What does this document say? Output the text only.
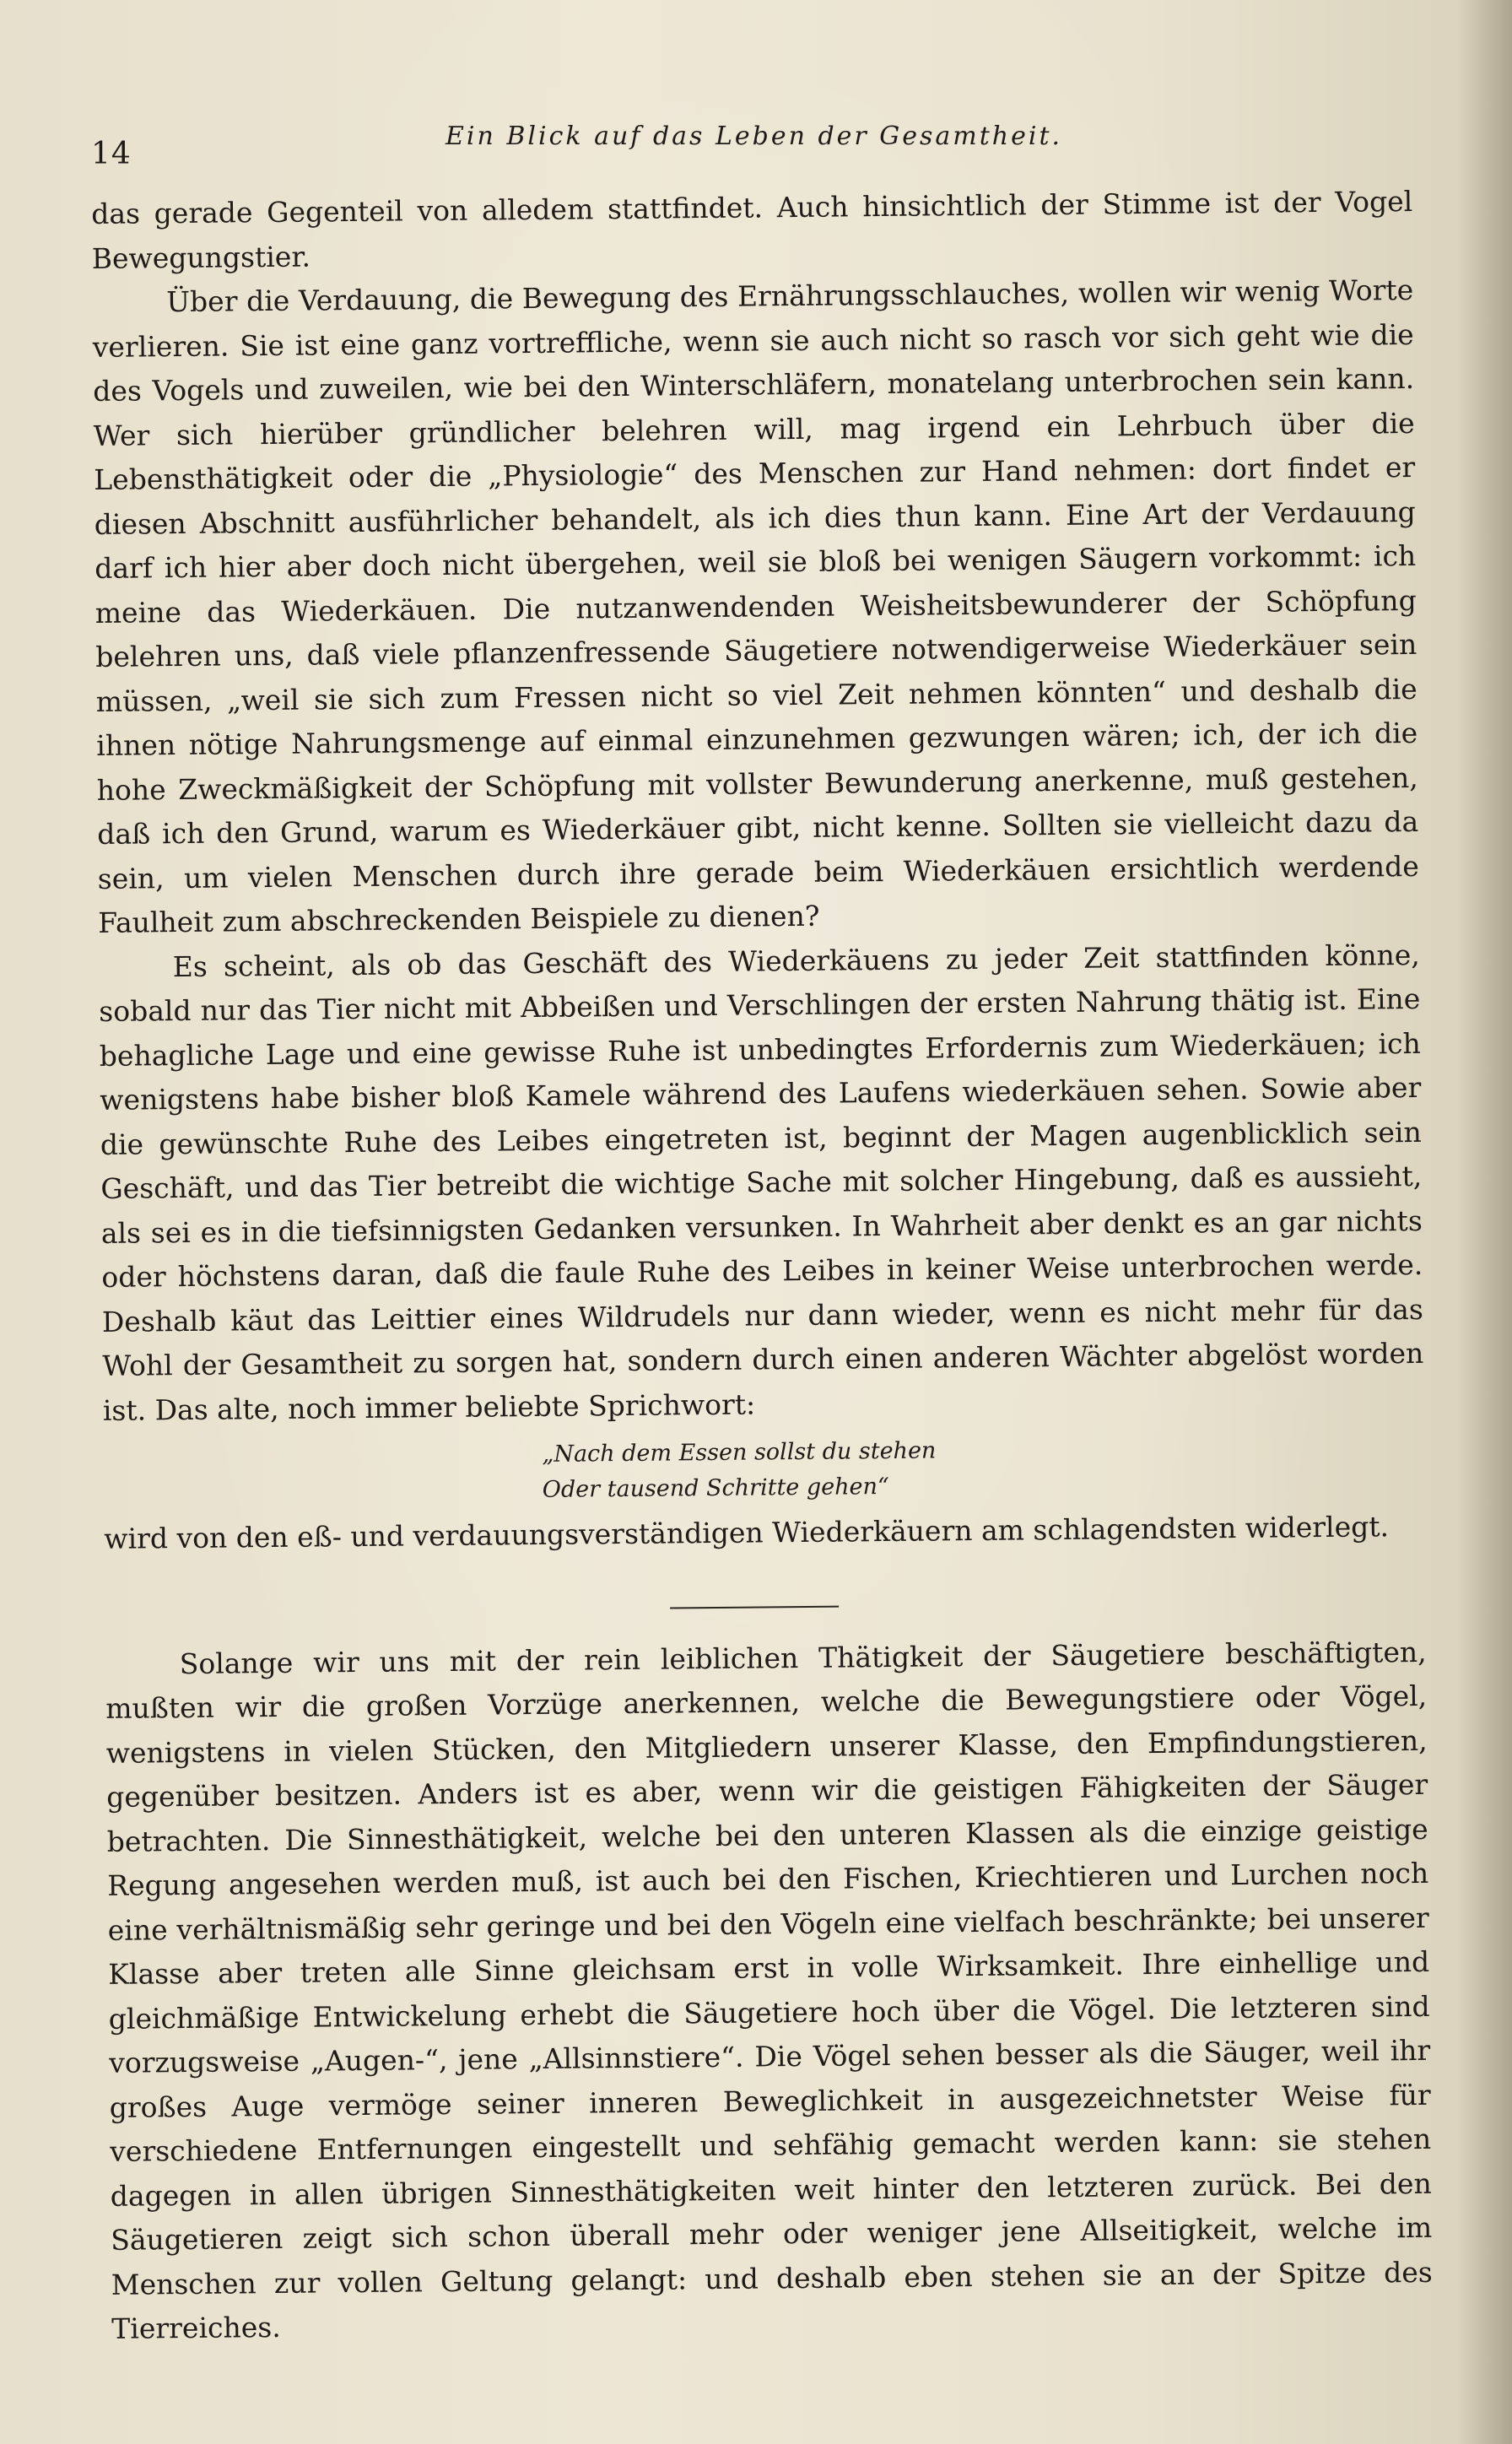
14
Ein Blick auf das Leben der Gesamtheit.

das gerade Gegenteil von alledem stattfindet. Auch hinsichtlich der Stimme ist der Vogel Bewegungstier.

Über die Verdauung, die Bewegung des Ernährungsschlauches, wollen wir wenig Worte verlieren. Sie ist eine ganz vortreffliche, wenn sie auch nicht so rasch vor sich geht wie die des Vogels und zuweilen, wie bei den Winterschläfern, monatelang unterbrochen sein kann. Wer sich hierüber gründlicher belehren will, mag irgend ein Lehrbuch über die Lebensthätigkeit oder die „Physiologie“ des Menschen zur Hand nehmen: dort findet er diesen Abschnitt ausführlicher behandelt, als ich dies thun kann. Eine Art der Verdauung darf ich hier aber doch nicht übergehen, weil sie bloß bei wenigen Säugern vorkommt: ich meine das Wiederkäuen. Die nutzanwendenden Weisheitsbewunderer der Schöpfung belehren uns, daß viele pflanzenfressende Säugetiere notwendigerweise Wiederkäuer sein müssen, „weil sie sich zum Fressen nicht so viel Zeit nehmen könnten“ und deshalb die ihnen nötige Nahrungsmenge auf einmal einzunehmen gezwungen wären; ich, der ich die hohe Zweckmäßigkeit der Schöpfung mit vollster Bewunderung anerkenne, muß gestehen, daß ich den Grund, warum es Wiederkäuer gibt, nicht kenne. Sollten sie vielleicht dazu da sein, um vielen Menschen durch ihre gerade beim Wiederkäuen ersichtlich werdende Faulheit zum abschreckenden Beispiele zu dienen?

Es scheint, als ob das Geschäft des Wiederkäuens zu jeder Zeit stattfinden könne, sobald nur das Tier nicht mit Abbeißen und Verschlingen der ersten Nahrung thätig ist. Eine behagliche Lage und eine gewisse Ruhe ist unbedingtes Erfordernis zum Wiederkäuen; ich wenigstens habe bisher bloß Kamele während des Laufens wiederkäuen sehen. Sowie aber die gewünschte Ruhe des Leibes eingetreten ist, beginnt der Magen augenblicklich sein Geschäft, und das Tier betreibt die wichtige Sache mit solcher Hingebung, daß es aussieht, als sei es in die tiefsinnigsten Gedanken versunken. In Wahrheit aber denkt es an gar nichts oder höchstens daran, daß die faule Ruhe des Leibes in keiner Weise unterbrochen werde. Deshalb käut das Leittier eines Wildrudels nur dann wieder, wenn es nicht mehr für das Wohl der Gesamtheit zu sorgen hat, sondern durch einen anderen Wächter abgelöst worden ist. Das alte, noch immer beliebte Sprichwort:

„Nach dem Essen sollst du stehen

Oder tausend Schritte gehen“

wird von den eß- und verdauungsverständigen Wiederkäuern am schlagendsten widerlegt.

Solange wir uns mit der rein leiblichen Thätigkeit der Säugetiere beschäftigten, mußten wir die großen Vorzüge anerkennen, welche die Bewegungstiere oder Vögel, wenigstens in vielen Stücken, den Mitgliedern unserer Klasse, den Empfindungstieren, gegenüber besitzen. Anders ist es aber, wenn wir die geistigen Fähigkeiten der Säuger betrachten. Die Sinnesthätigkeit, welche bei den unteren Klassen als die einzige geistige Regung angesehen werden muß, ist auch bei den Fischen, Kriechtieren und Lurchen noch eine verhältnismäßig sehr geringe und bei den Vögeln eine vielfach beschränkte; bei unserer Klasse aber treten alle Sinne gleichsam erst in volle Wirksamkeit. Ihre einhellige und gleichmäßige Entwickelung erhebt die Säugetiere hoch über die Vögel. Die letzteren sind vorzugsweise „Augen-“, jene „Allsinnstiere“. Die Vögel sehen besser als die Säuger, weil ihr großes Auge vermöge seiner inneren Beweglichkeit in ausgezeichnetster Weise für verschiedene Entfernungen eingestellt und sehfähig gemacht werden kann: sie stehen dagegen in allen übrigen Sinnesthätigkeiten weit hinter den letzteren zurück. Bei den Säugetieren zeigt sich schon überall mehr oder weniger jene Allseitigkeit, welche im Menschen zur vollen Geltung gelangt: und deshalb eben stehen sie an der Spitze des Tierreiches.
